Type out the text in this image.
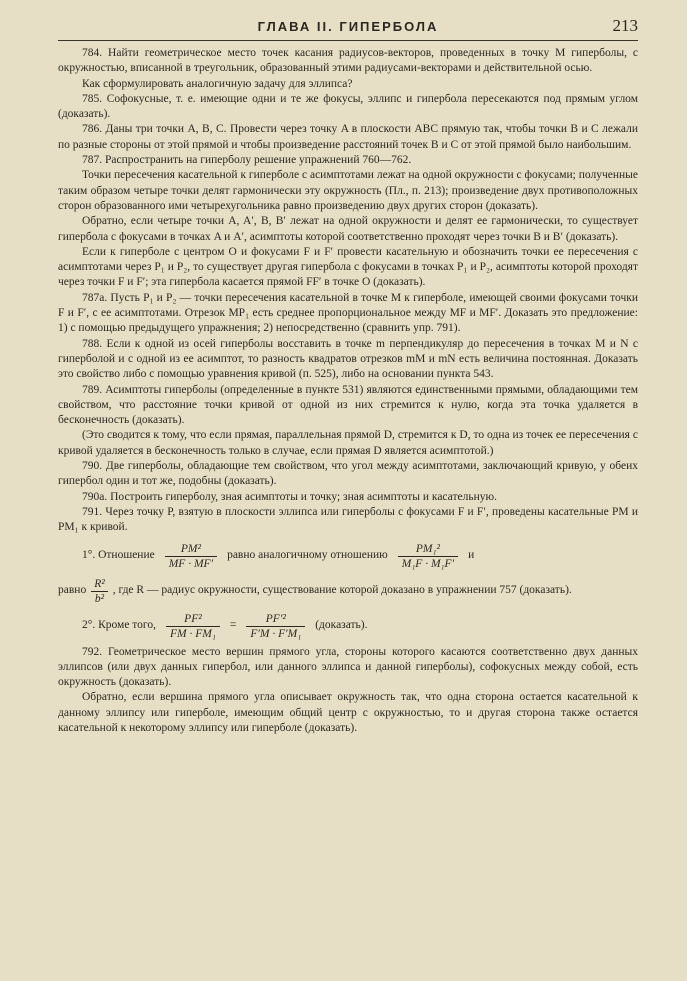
ГЛАВА II. ГИПЕРБОЛА	213

784. Найти геометрическое место точек касания радиусов-векторов, проведенных в точку M гиперболы, с окружностью, вписанной в треугольник, образованный этими радиусами-векторами и действительной осью.

Как сформулировать аналогичную задачу для эллипса?

785. Софокусные, т. е. имеющие одни и те же фокусы, эллипс и гипербола пересекаются под прямым углом (доказать).

786. Даны три точки A, B, C. Провести через точку A в плоскости ABC прямую так, чтобы точки B и C лежали по разные стороны от этой прямой и чтобы произведение расстояний точек B и C от этой прямой было наибольшим.

787. Распространить на гиперболу решение упражнений 760—762.

Точки пересечения касательной к гиперболе с асимптотами лежат на одной окружности с фокусами; полученные таким образом четыре точки делят гармонически эту окружность (Пл., п. 213); произведение двух противоположных сторон образованного ими четырехугольника равно произведению двух других сторон (доказать).

Обратно, если четыре точки A, A′, B, B′ лежат на одной окружности и делят ее гармонически, то существует гипербола с фокусами в точках A и A′, асимптоты которой соответственно проходят через точки B и B′ (доказать).

Если к гиперболе с центром O и фокусами F и F′ провести касательную и обозначить точки ее пересечения с асимптотами через P₁ и P₂, то существует другая гипербола с фокусами в точках P₁ и P₂, асимптоты которой проходят через точки F и F′; эта гипербола касается прямой FF′ в точке O (доказать).

787а. Пусть P₁ и P₂ — точки пересечения касательной в точке M к гиперболе, имеющей своими фокусами точки F и F′, с ее асимптотами. Отрезок MP₁ есть среднее пропорциональное между MF и MF′. Доказать это предложение: 1) с помощью предыдущего упражнения; 2) непосредственно (сравнить упр. 791).

788. Если к одной из осей гиперболы восставить в точке m перпендикуляр до пересечения в точках M и N с гиперболой и с одной из ее асимптот, то разность квадратов отрезков mM и mN есть величина постоянная. Доказать это свойство либо с помощью уравнения кривой (п. 525), либо на основании пункта 543.

789. Асимптоты гиперболы (определенные в пункте 531) являются единственными прямыми, обладающими тем свойством, что расстояние точки кривой от одной из них стремится к нулю, когда эта точка удаляется в бесконечность (доказать).

(Это сводится к тому, что если прямая, параллельная прямой D, стремится к D, то одна из точек ее пересечения с кривой удаляется в бесконечность только в случае, если прямая D является асимптотой.)

790. Две гиперболы, обладающие тем свойством, что угол между асимптотами, заключающий кривую, у обеих гипербол один и тот же, подобны (доказать).

790а. Построить гиперболу, зная асимптоты и точку; зная асимптоты и касательную.

791. Через точку P, взятую в плоскости эллипса или гиперболы с фокусами F и F′, проведены касательные PM и PM₁ к кривой.

1°. Отношение $\frac{\text{PM²}}{MF \cdot MF'}$ равно аналогичному отношению $\frac{\text{PM₁²}}{\text{M₁F · M₁F′}}$ и
равно $\frac{\text{R²}}{\text{b²}}$ , где R — радиус окружности, существование которой доказано в упражнении 757 (доказать).
2°. Кроме того, $\frac{\text{PF²}}{\text{FM · FM₁}} = \frac{\text{PF′²}}{\text{F′M · F′M₁}}$ (доказать).

792. Геометрическое место вершин прямого угла, стороны которого касаются соответственно двух данных эллипсов (или двух данных гипербол, или данного эллипса и данной гиперболы), софокусных между собой, есть окружность (доказать).

Обратно, если вершина прямого угла описывает окружность так, что одна сторона остается касательной к данному эллипсу или гиперболе, имеющим общий центр с окружностью, то и другая сторона также остается касательной к некоторому эллипсу или гиперболе (доказать).
